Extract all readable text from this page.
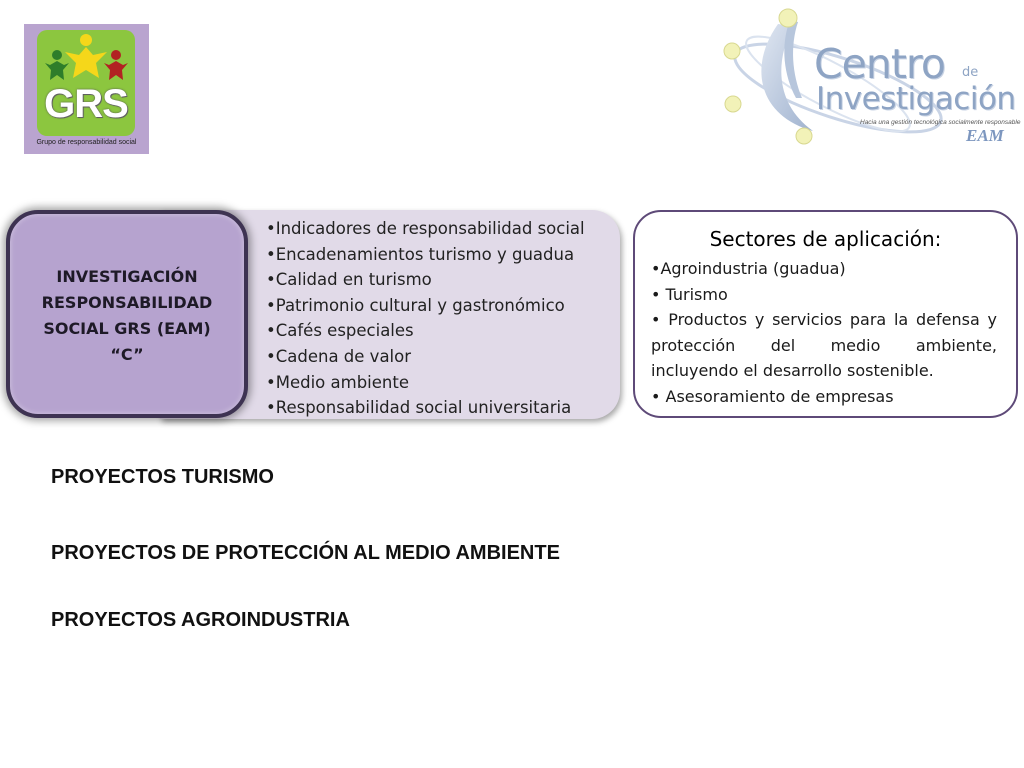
GRS
Grupo de responsabilidad social
Centro de
Investigación
Hacia una gestión tecnológica socialmente responsable
EAM
•Indicadores de responsabilidad social
•Encadenamientos turismo y guadua
•Calidad en turismo
•Patrimonio cultural y gastronómico
•Cafés especiales
•Cadena de valor
•Medio ambiente
•Responsabilidad social universitaria
INVESTIGACIÓN
RESPONSABILIDAD
SOCIAL GRS (EAM)
“C”
Sectores de aplicación:
•Agroindustria (guadua)
• Turismo
• Productos y servicios para la defensa y protección del medio ambiente, incluyendo el desarrollo sostenible.
• Asesoramiento de empresas
PROYECTOS TURISMO
PROYECTOS DE PROTECCIÓN AL MEDIO AMBIENTE
PROYECTOS AGROINDUSTRIA
